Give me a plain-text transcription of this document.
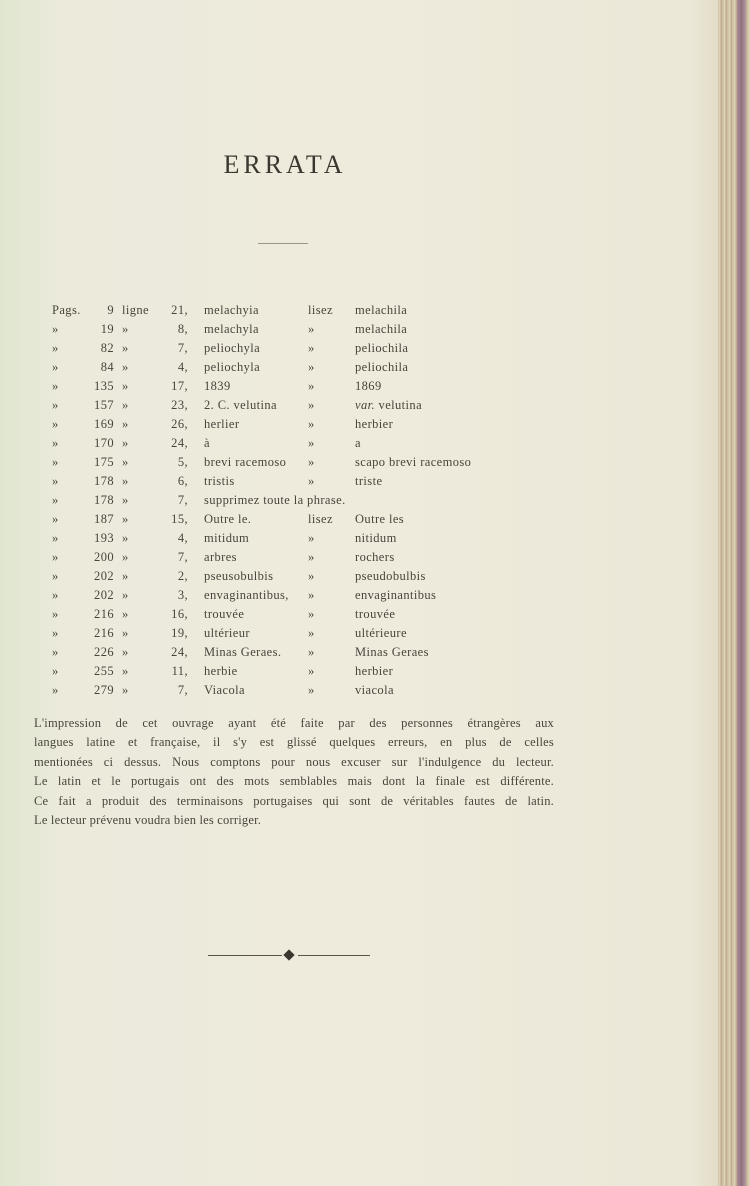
ERRATA
Pags.	9 ligne	21, melachyia	lisez	melachila
»	19 »	8, melachyla	»	melachila
»	82 »	7, peliochyla	»	peliochila
»	84 »	4, peliochyla	»	peliochila
»	135 »	17, 1839	»	1869
»	157 »	23, 2. C. velutina »	var. velutina
»	169 »	26, herlier	»	herbier
»	170 »	24, à	»	a
»	175 »	5, brevi racemoso »	scapo brevi racemoso
»	178 »	6, tristis	»	triste
»	178 »	7, supprimez toute la phrase.
»	187 »	15, Outre le.	lisez	Outre les
»	193 »	4, mitidum	»	nitidum
»	200 »	7, arbres	»	rochers
»	202 »	2, pseusobulbis	»	pseudobulbis
»	202 »	3, envaginantibus, »	envaginantibus
»	216 »	16, trouvée	»	trouvée
»	216 »	19, ultérieur	»	ultérieure
»	226 »	24, Minas Geraes. »	Minas Geraes
»	255 »	11, herbie	»	herbier
»	279 »	7, Viacola	»	viacola

L'impression de cet ouvrage ayant été faite par des personnes étrangères aux

langues latine et française, il s'y est glissé quelques erreurs, en plus de celles

mentionées ci dessus. Nous comptons pour nous excuser sur l'indulgence du lecteur.

Le latin et le portugais ont des mots semblables mais dont la finale est différente.

Ce fait a produit des terminaisons portugaises qui sont de véritables fautes de latin.

Le lecteur prévenu voudra bien les corriger.
